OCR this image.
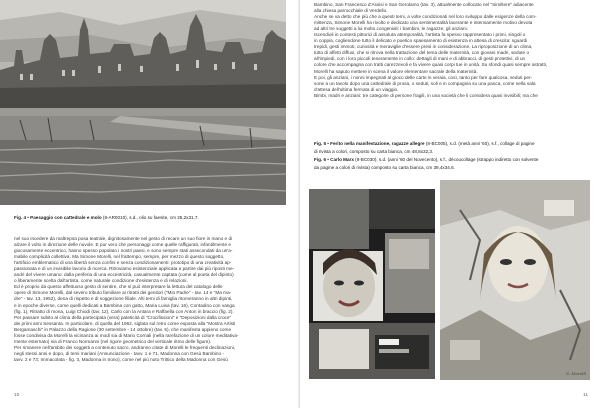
Fig. 4 • Paesaggio con cattedrale e molo (8-AR0010), s.d., olio su faesite, cm 25,2x31,7.
nel suo incedere da maltrepsa posa teatrale, dignitosamente nel gesto di recare un suo fiore in mano e di
alzare il volto in direzione delle nuvole. E pur vero che personaggi come quelle raffigurati, infantilmente e
giocosamente eccentrico, hanno spesso popolato i nostri paesi, e sono sempre stati assecondati da un'a-
mabile complicità collettiva. Ma Simone Morelli, nel frattempo, sempre, per mezzo di questo soggetto,
l'artificio emblematico di una libertà senza confini e senza condizionamenti: prototipo di una creatività ap-
passionata e di un invisibile lavorio di ricerca. Ritroviamo esistenziale applicata a partire dai più riposti me-
andri del vivere umano: dalla periferia di una eccentricità, casualmente captata (come al poeta del dipinto)
o liberamente scelta dall'artista, come naturale condizione d'esistenza e di relazioni.
Ed è proprio da questo affettuoso gesto di sentire, che si può interpretare la lettura del catalogo delle
opere di Simone Morelli, dal severo tributo familiare ai ritratti dei genitori ("Mio Padre" - tav. 14 e "Ma ma-
dre" - tav. 13, 1952), dena di rispetto e di soggezione filiale. Alti temi di famiglia ritorneranno in altri dipinti,
e in epoche diverse, come quelli dedicati a Bambina con gatto, Maria Luisa (tav. 16), Contadino con vanga
(fig. 1), Ritratto di mona, Luigi Chiodi (tav. 12), Carlo con la Antara e Raffaella con Anton in braccio (fig. 2).
Per passare subito al clima della partecipata (vera) pateticità di "Crocifissioni" e "Deposizioni dalla croce"
dei primi anni Sessanta. In particolare, di quella del 1962, siglata sul retro come esposta alla "Mostra Artisti
Bergamaschi" in Palazzo della Ragione (30 settembre - 14 ottobre) (tav. 5), che manifesta appieno come
fosse condivisa da Morelli la vicinanza ai modi sia di Mario Cornali (nella rarefazione di un colore meditativa-
mente esternato) sia di Franco Normanni (nel rigore geometrico del verticale ritmo delle figure).
Per rimanere nell'ambito dei soggetti a contenuto sacro, andranno citate di Morelli le frequenti declinazioni,
negli stessi anni e dopo, di temi mariani (Annunciazione - tavv. 1 e 71, Madonna con Gesù Bambino -
tavv. 2 e 73; Immacolata - fig. 3, Madonna in trono), come nel più noto Trittico della Madonna con Gesù
10
Bambino, San Francesco d'Assisi e San Gerolamo (tav. 3), attualmente collocato nel "Similtere" adiacente
alla chiesa parrocchiale di Verdello.
Anche se va detto che più che a questi temi, a volte condizionati nel loro sviluppo dalle esigenze della com-
mittenza, Simone Morelli ha rivolto e dedicato una sentimentalità lacerante e intensamente motivo devota
ad altri tre soggetti a lui molto congeniali: i bambini, le ragazze, gli anziani.
Iscendioli in contesti pittorici di assoluta atemporalità, l'artista fa spesso rappresentato i primi, singoli o
in coppia, cogliendone tutto il delicato e poetico spaesamento di esistenza in attesa di crescita: sguardi
trepidi, gesti immoti, curiosità e meraviglie d'essere presi in considerazione. La riproposizione di un clima,
tutto di affetti diffusi, che si ritrova nella trattazione del tema delle maternità, con giovani madri, sedute o
all'impiedi, con i loro piccoli teneramente in collo: dettagli di mani e di abbracci, di gesti protettivi, di un
colore che accompagna con tratti carezzevoli e fa vivere quasi corpi tue in unità. Su sfondi quasi sempre astratti,
Morelli ha saputo mettere in scena il valore elementare sacrale della maternità.
E poi, gli anziani, i nonni impegnati al gioco delle carte in veraia, così, tanto per fare qualcosa, seduti per-
sone a un tavolo dopo una cattedrale di prosa, o seduti, soli e in compagnia su una panca, come nella sala
d'attesa dell'ultima fermata di un viaggio.
Bimbi, madri e anziani: tre categorie di persone fragili, in una società che li considera quasi invisibili; ma che
Fig. 5 • Ferito nella manifestazione, ragazze allegre (8-BC005), s.d. (metà anni '60), s.f., collage di pagine
di rivista a colori, composto su carta bianca, cm 48,8x32,3.
Fig. 6 • Carlo Marx (8-BC030), s.d. (anni '60 del Novecento), s.f., découcollage (strappo indiretto con solvente
da pagine a colori di rivista) composto su carta bianca, cm 39,4x34,6.
S. Morelli
11
